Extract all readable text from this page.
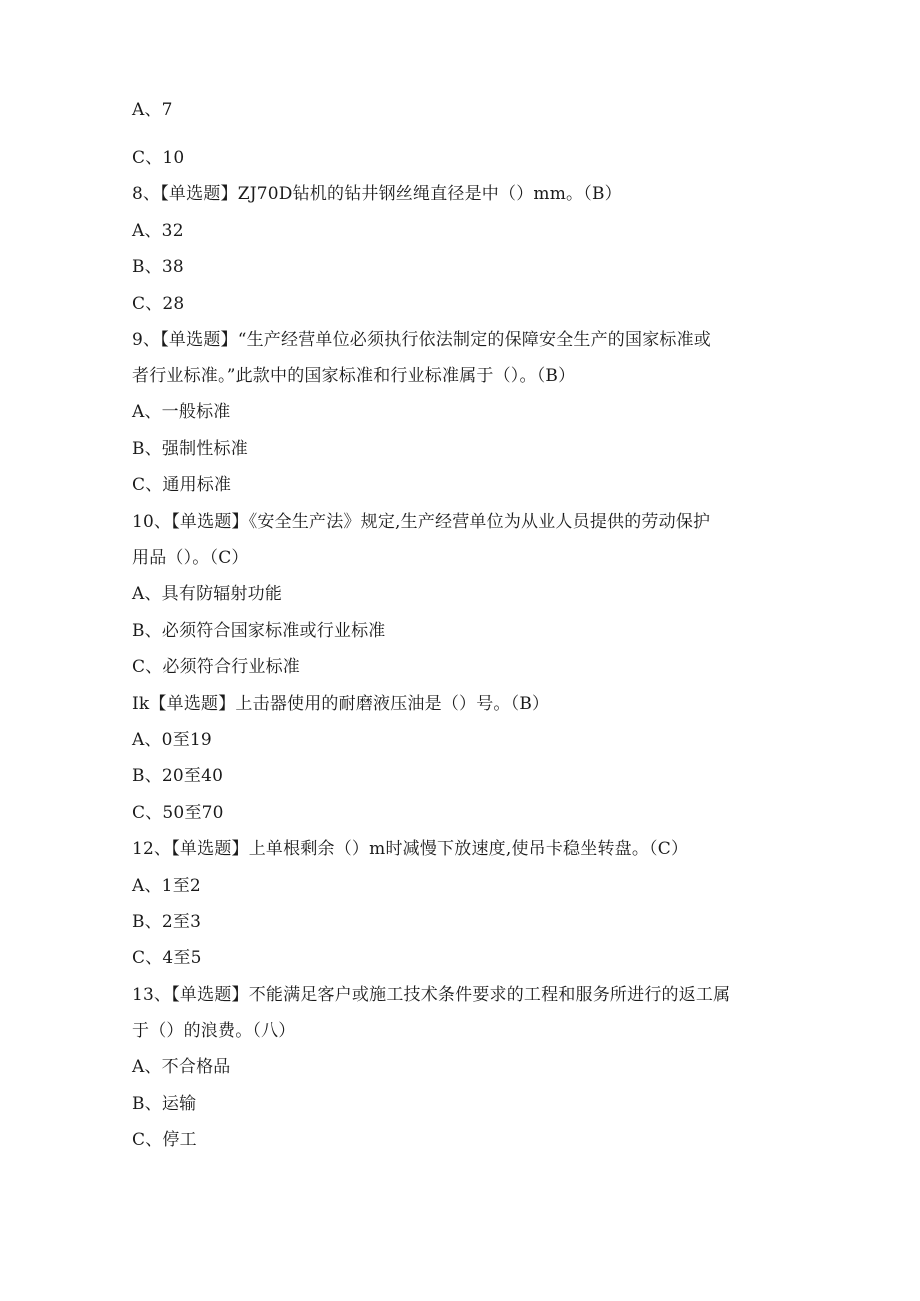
A、7
C、10
8、【单选题】ZJ70D钻机的钻井钢丝绳直径是中（）mm。（B）
A、32
B、38
C、28
9、【单选题】“生产经营单位必须执行依法制定的保障安全生产的国家标准或
者行业标准。”此款中的国家标准和行业标准属于（）。（B）
A、一般标准
B、强制性标准
C、通用标准
10、【单选题】《安全生产法》规定,生产经营单位为从业人员提供的劳动保护
用品（）。（C）
A、具有防辐射功能
B、必须符合国家标准或行业标准
C、必须符合行业标准
Ik【单选题】上击器使用的耐磨液压油是（）号。（B）
A、0至19
B、20至40
C、50至70
12、【单选题】上单根剩余（）m时减慢下放速度,使吊卡稳坐转盘。（C）
A、1至2
B、2至3
C、4至5
13、【单选题】不能满足客户或施工技术条件要求的工程和服务所进行的返工属
于（）的浪费。（八）
A、不合格品
B、运输
C、停工
